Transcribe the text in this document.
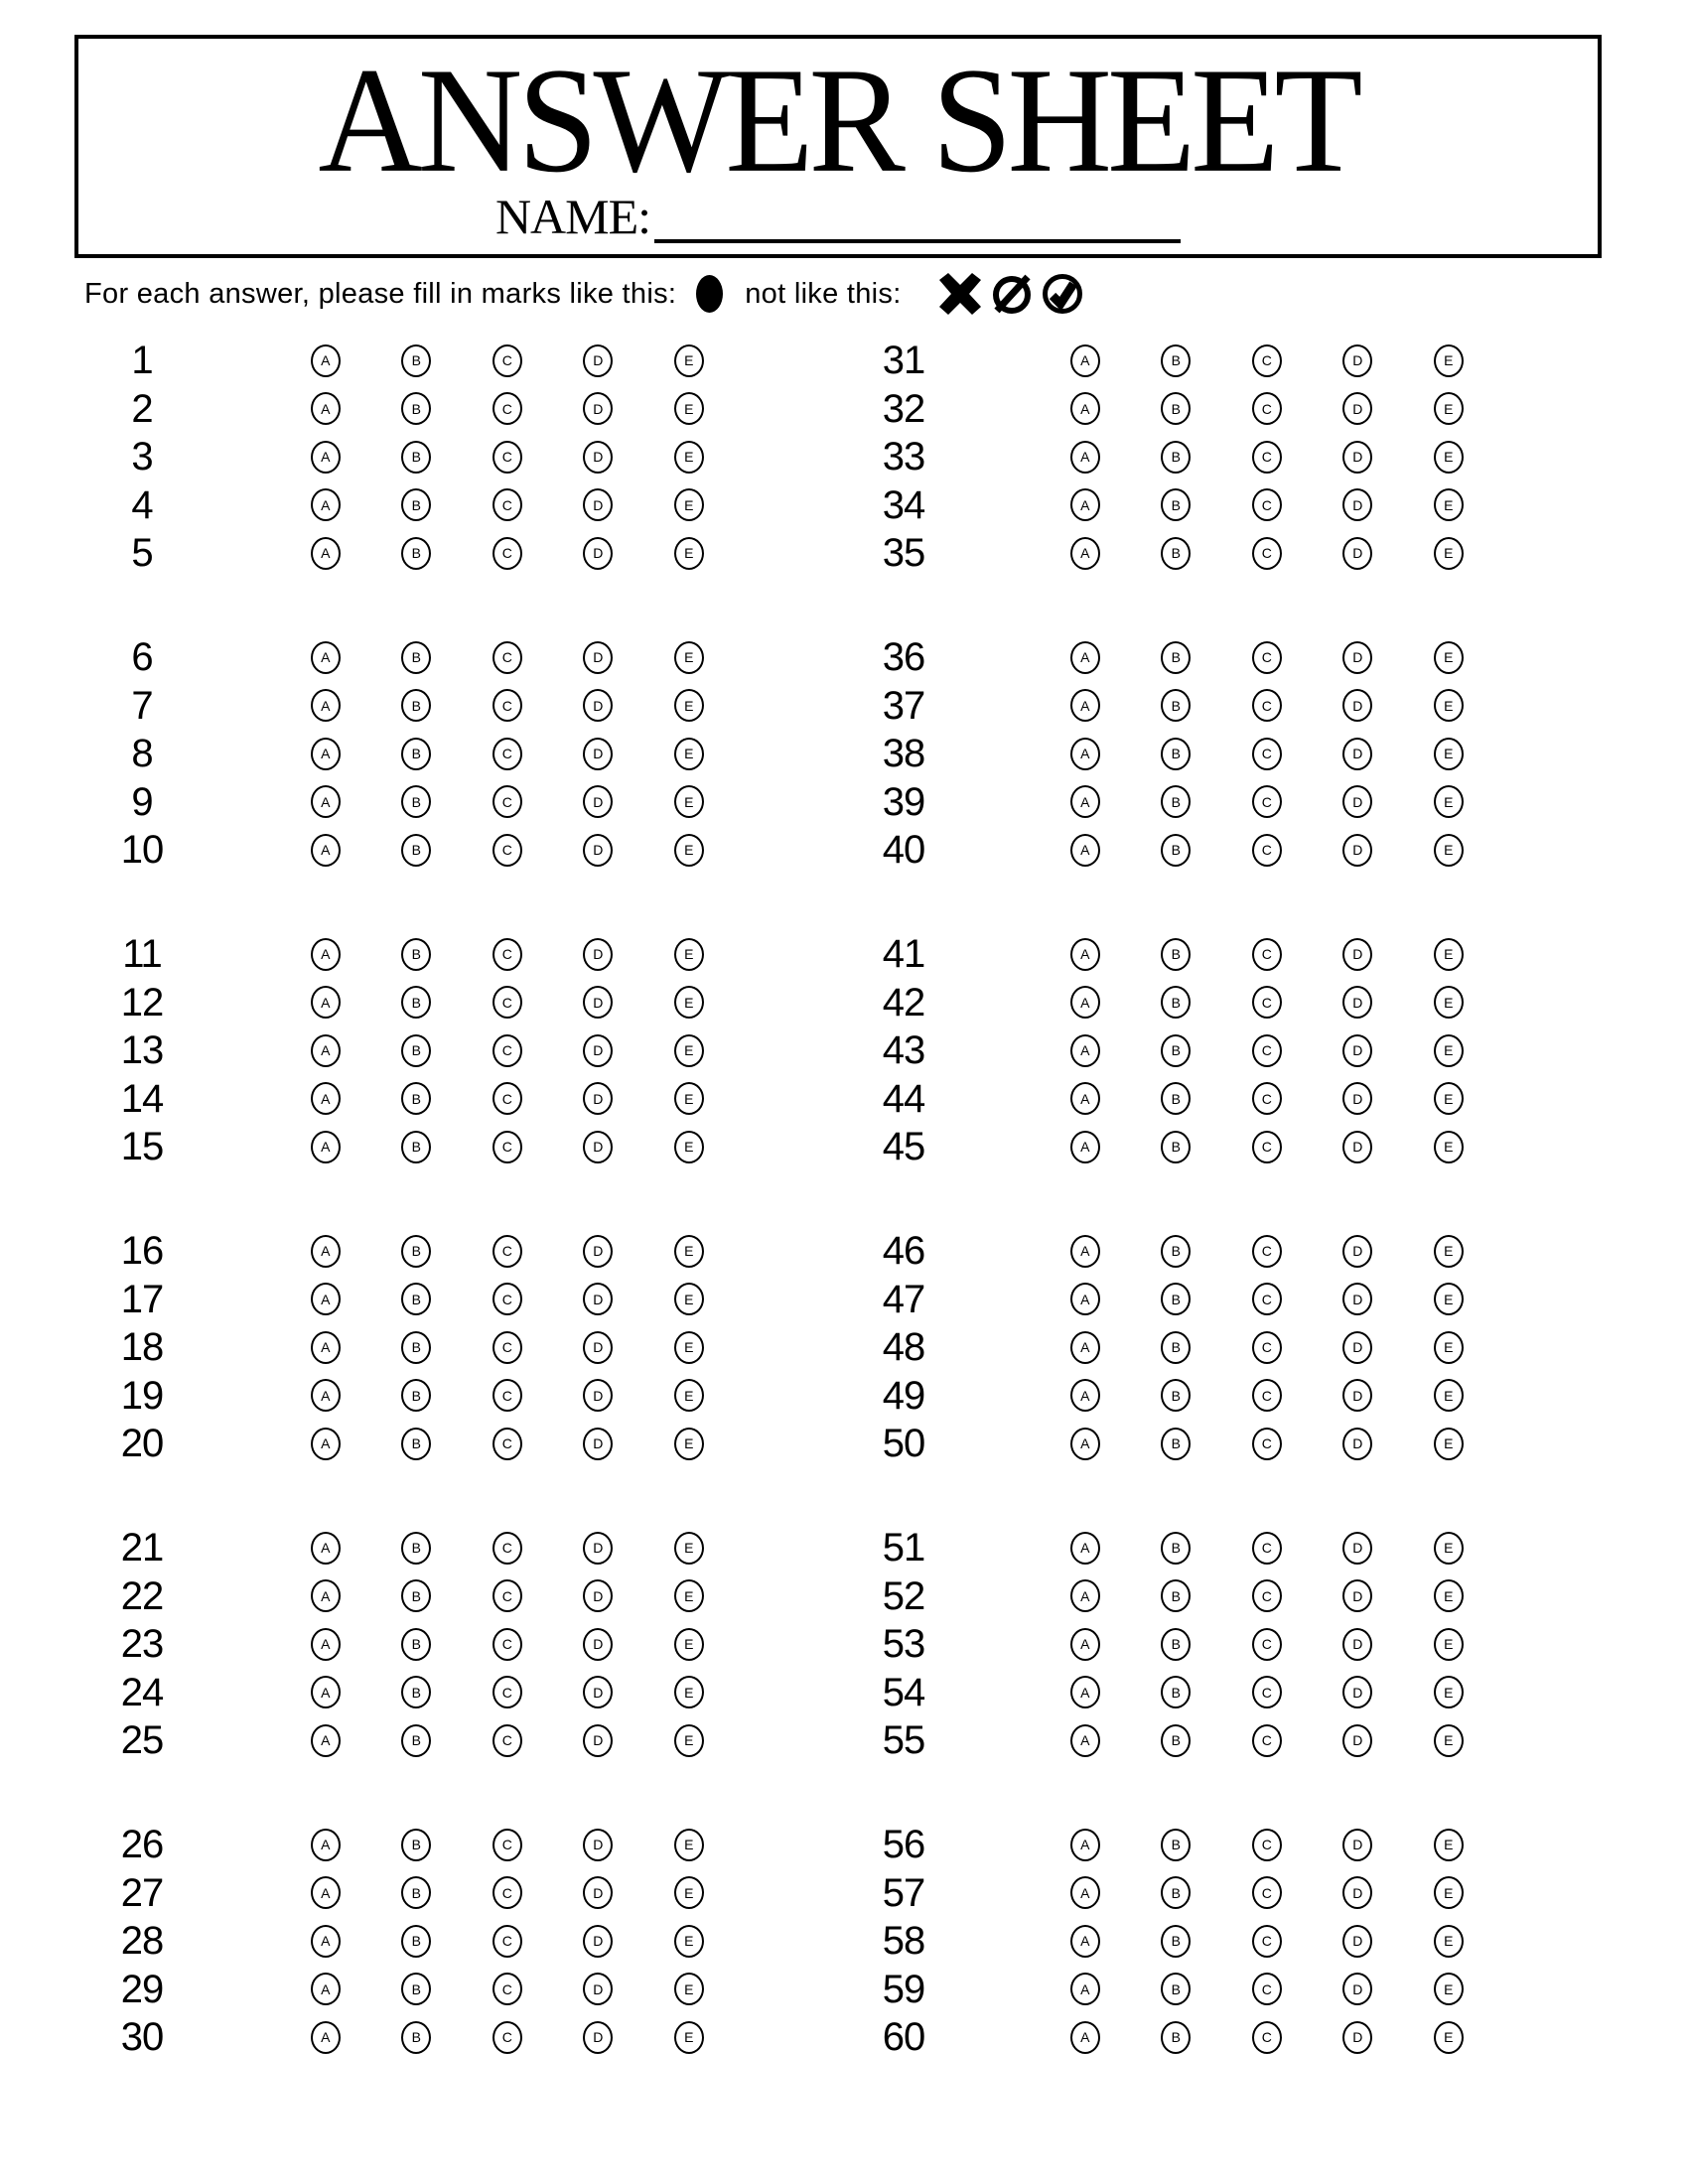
ANSWER SHEET
NAME:
For each answer, please fill in marks like this: not like this:
1	A	B	C	D	E
2	A	B	C	D	E
3	A	B	C	D	E
4	A	B	C	D	E
5	A	B	C	D	E
6	A	B	C	D	E
7	A	B	C	D	E
8	A	B	C	D	E
9	A	B	C	D	E
10	A	B	C	D	E
11	A	B	C	D	E
12	A	B	C	D	E
13	A	B	C	D	E
14	A	B	C	D	E
15	A	B	C	D	E
16	A	B	C	D	E
17	A	B	C	D	E
18	A	B	C	D	E
19	A	B	C	D	E
20	A	B	C	D	E
21	A	B	C	D	E
22	A	B	C	D	E
23	A	B	C	D	E
24	A	B	C	D	E
25	A	B	C	D	E
26	A	B	C	D	E
27	A	B	C	D	E
28	A	B	C	D	E
29	A	B	C	D	E
30	A	B	C	D	E
31	A	B	C	D	E
32	A	B	C	D	E
33	A	B	C	D	E
34	A	B	C	D	E
35	A	B	C	D	E
36	A	B	C	D	E
37	A	B	C	D	E
38	A	B	C	D	E
39	A	B	C	D	E
40	A	B	C	D	E
41	A	B	C	D	E
42	A	B	C	D	E
43	A	B	C	D	E
44	A	B	C	D	E
45	A	B	C	D	E
46	A	B	C	D	E
47	A	B	C	D	E
48	A	B	C	D	E
49	A	B	C	D	E
50	A	B	C	D	E
51	A	B	C	D	E
52	A	B	C	D	E
53	A	B	C	D	E
54	A	B	C	D	E
55	A	B	C	D	E
56	A	B	C	D	E
57	A	B	C	D	E
58	A	B	C	D	E
59	A	B	C	D	E
60	A	B	C	D	E
